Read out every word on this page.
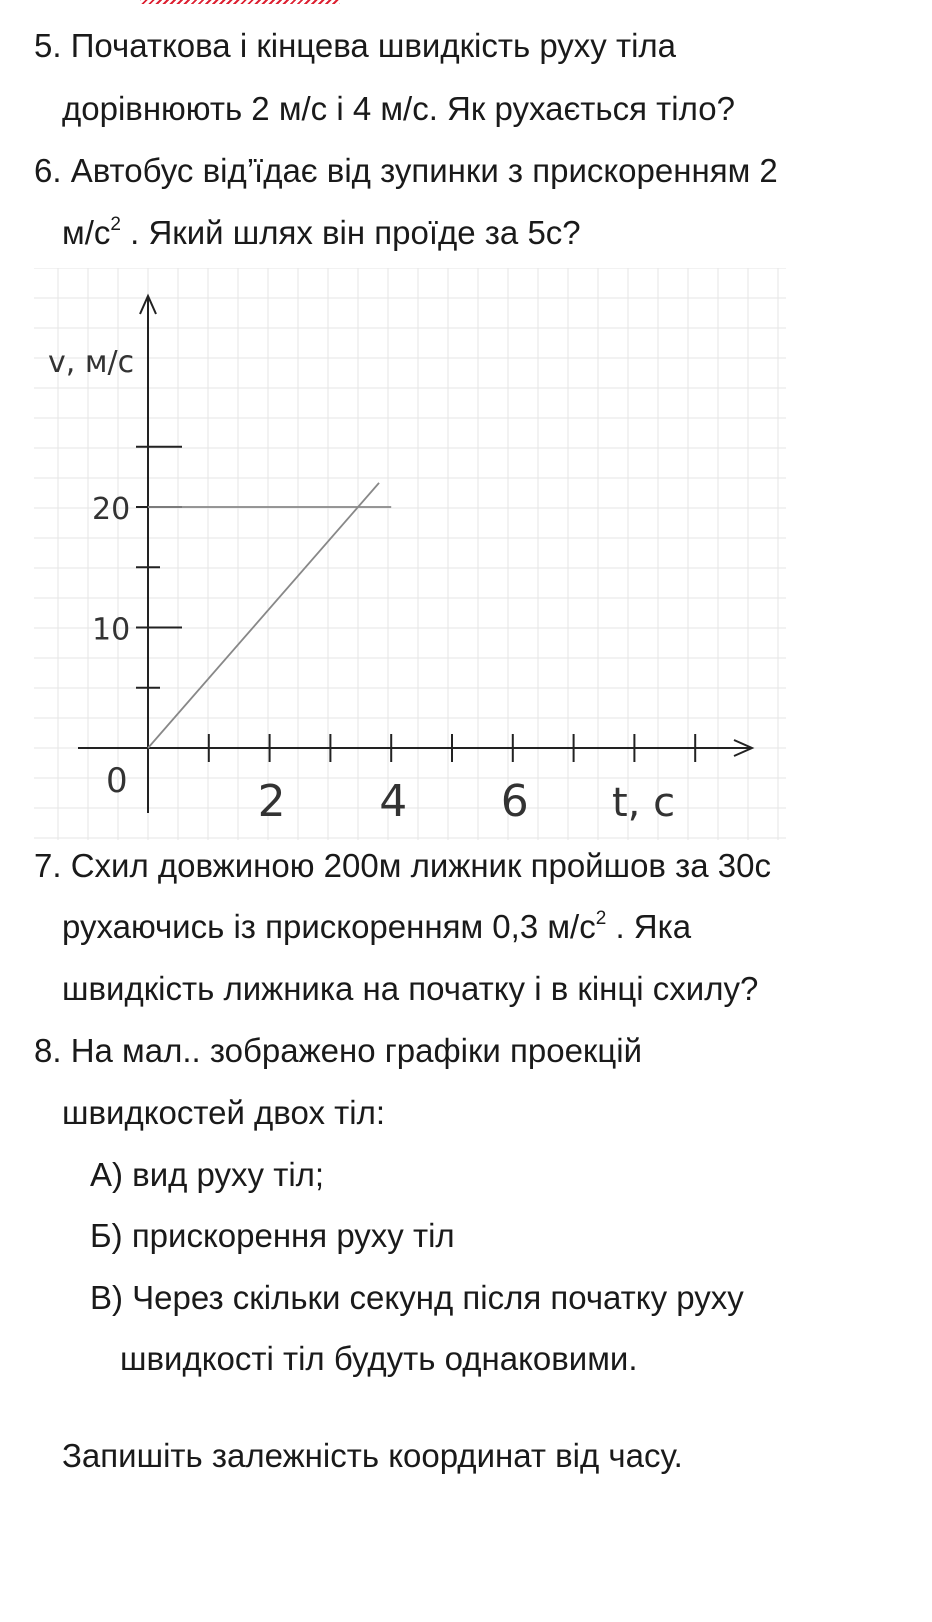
5. Початкова і кінцева швидкість руху тіла
дорівнюють 2 м/с і 4 м/с. Як рухається тіло?
6. Автобус від’їдає від зупинки з прискоренням 2
$м/с^2$ . Який шлях він проїде за 5с?
0	2 4 6 t, c
10
20
v, м/с
7. Схил довжиною 200м лижник пройшов за 30с
рухаючись із прискоренням 0,3 $м/с^2$ . Яка
швидкість лижника на початку і в кінці схилу?
8. На мал.. зображено графіки проекцій
швидкостей двох тіл:
А) вид руху тіл;
Б) прискорення руху тіл
В) Через скільки секунд після початку руху
швидкості тіл будуть однаковими.
Запишіть залежність координат від часу.
